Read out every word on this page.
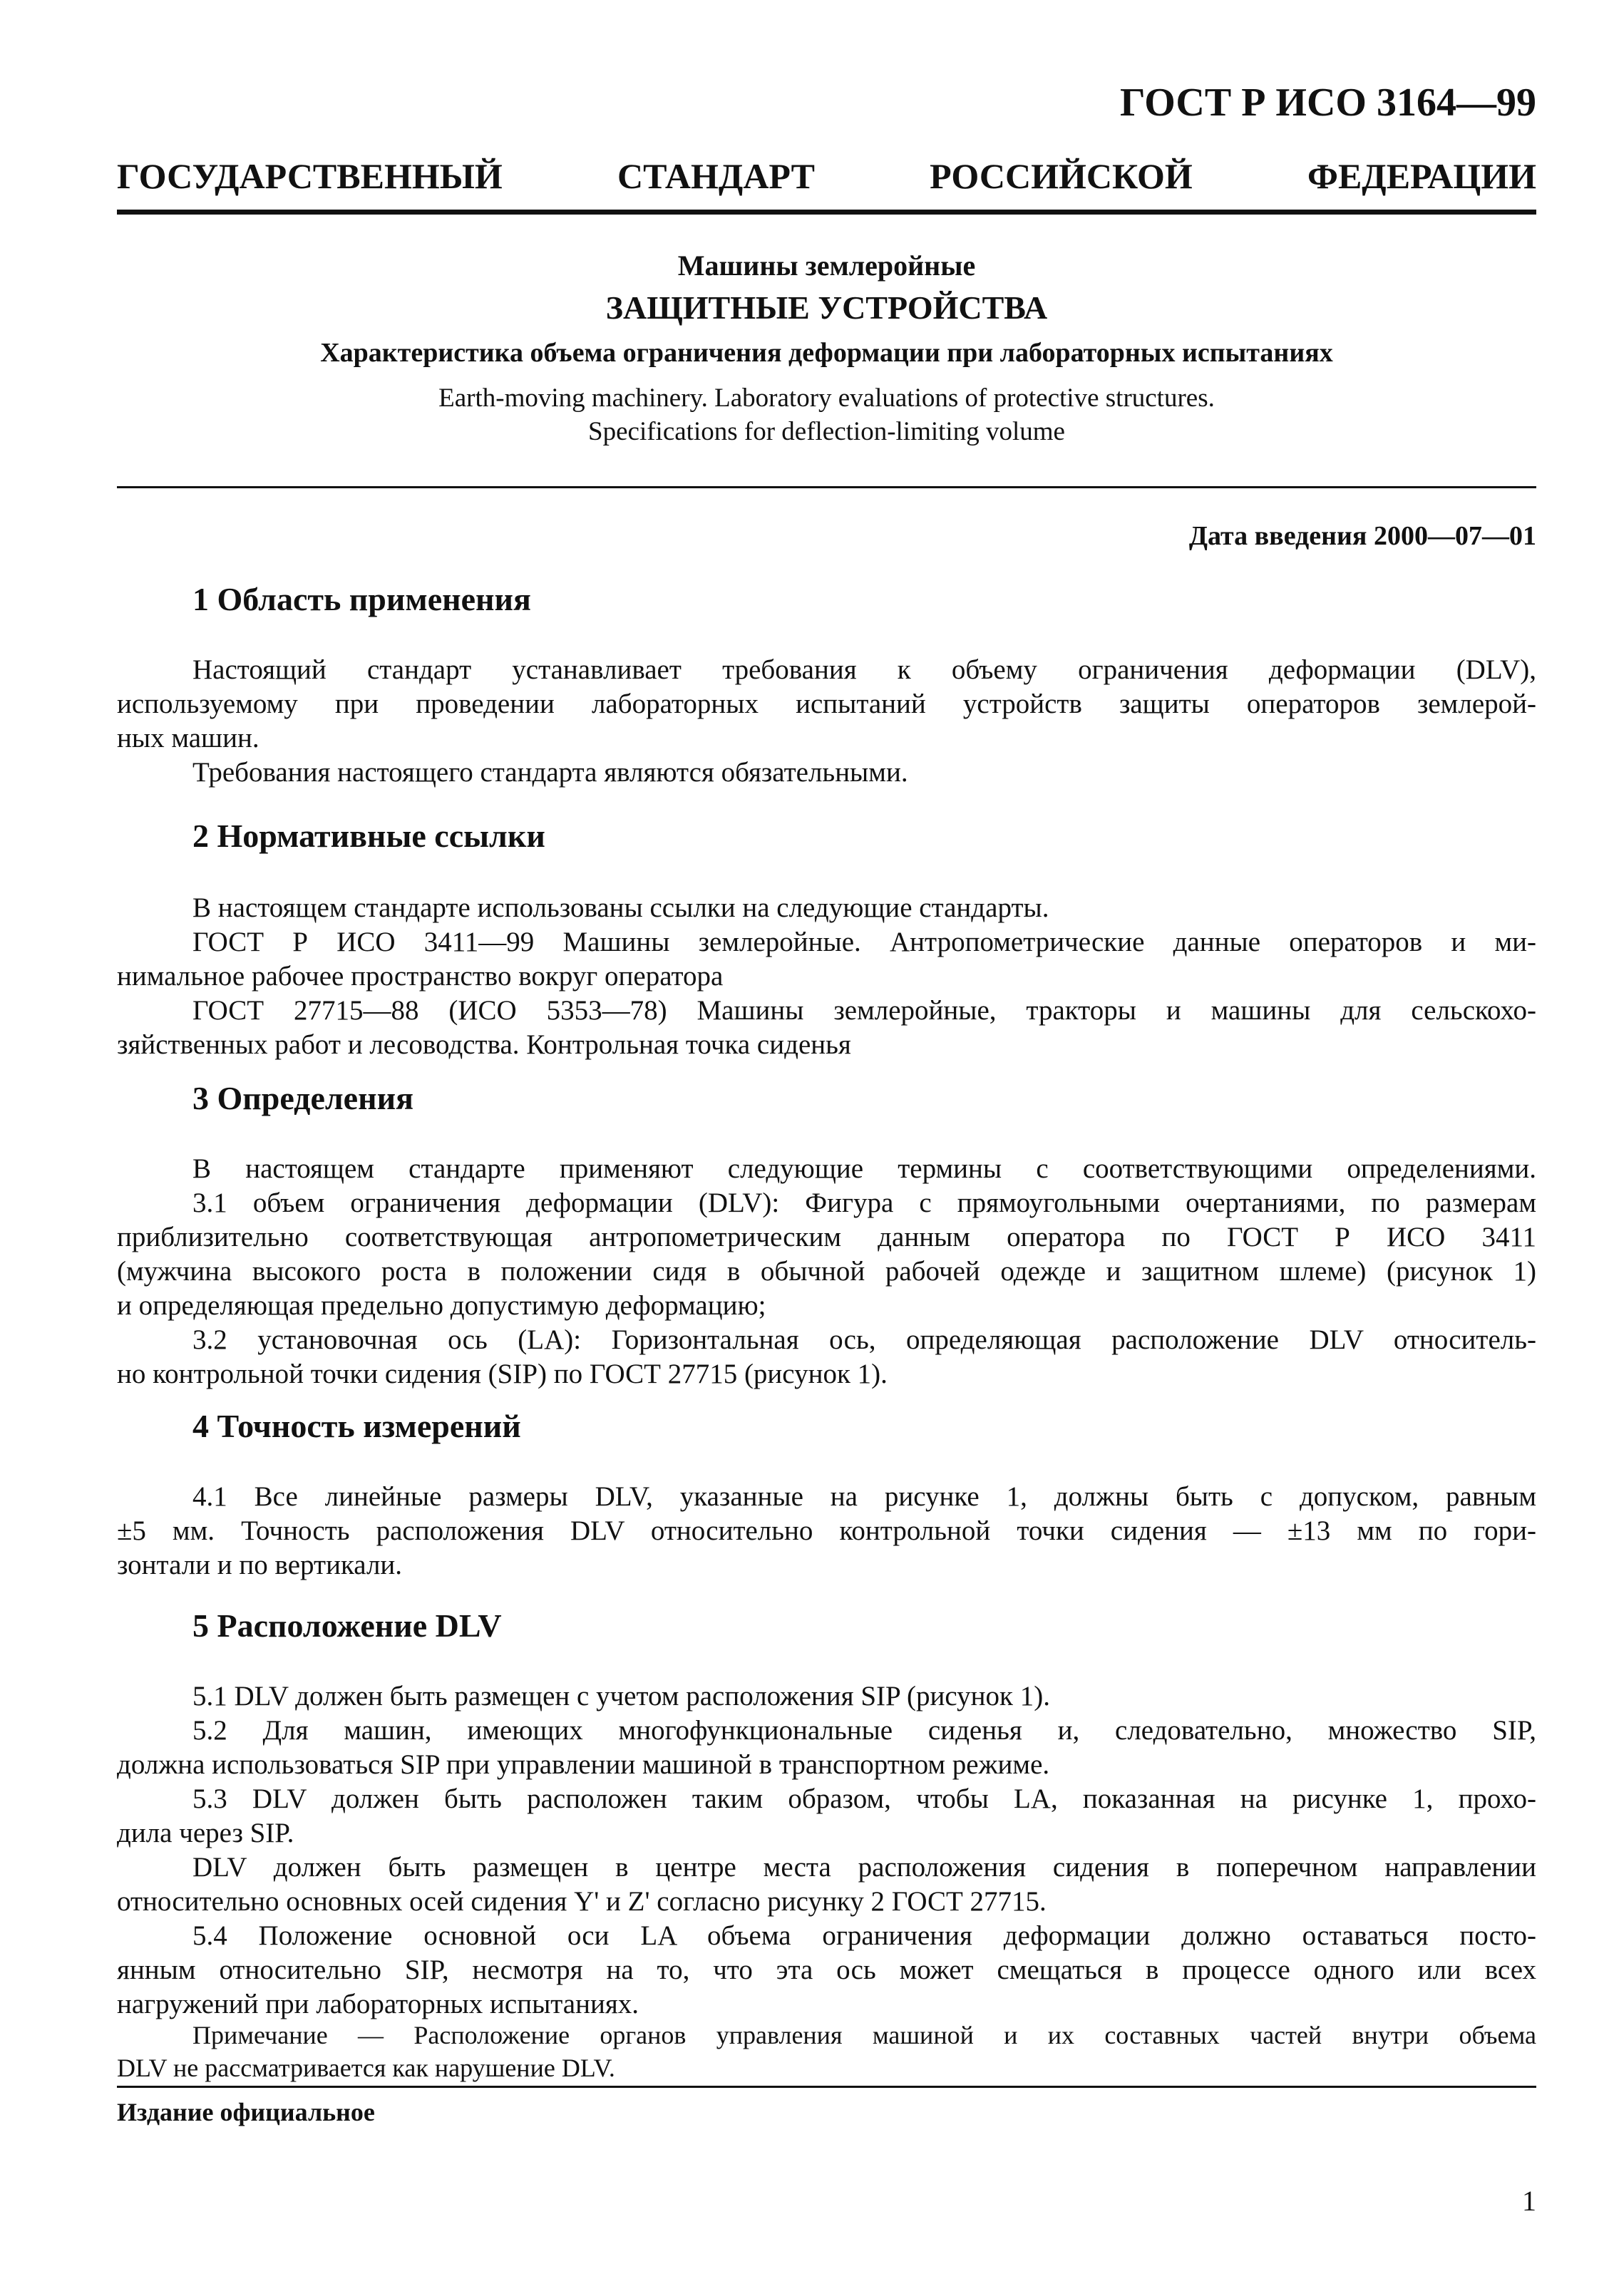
ГОСТ Р ИСО 3164—99
ГОСУДАРСТВЕННЫЙ СТАНДАРТ РОССИЙСКОЙ ФЕДЕРАЦИИ
Машины землеройные
ЗАЩИТНЫЕ УСТРОЙСТВА
Характеристика объема ограничения деформации при лабораторных испытаниях
Earth-moving machinery. Laboratory evaluations of protective structures.
Specifications for deflection-limiting volume
Дата введения 2000—07—01
1 Область применения
Настоящий стандарт устанавливает требования к объему ограничения деформации (DLV),
используемому при проведении лабораторных испытаний устройств защиты операторов землерой-
ных машин.
Требования настоящего стандарта являются обязательными.
2 Нормативные ссылки
В настоящем стандарте использованы ссылки на следующие стандарты.
ГОСТ Р ИСО 3411—99 Машины землеройные. Антропометрические данные операторов и ми-
нимальное рабочее пространство вокруг оператора
ГОСТ 27715—88 (ИСО 5353—78) Машины землеройные, тракторы и машины для сельскохо-
зяйственных работ и лесоводства. Контрольная точка сиденья
3 Определения
В настоящем стандарте применяют следующие термины с соответствующими определениями.
3.1 объем ограничения деформации (DLV): Фигура с прямоугольными очертаниями, по размерам
приблизительно соответствующая антропометрическим данным оператора по ГОСТ Р ИСО 3411
(мужчина высокого роста в положении сидя в обычной рабочей одежде и защитном шлеме) (рисунок 1)
и определяющая предельно допустимую деформацию;
3.2 установочная ось (LA): Горизонтальная ось, определяющая расположение DLV относитель-
но контрольной точки сидения (SIP) по ГОСТ 27715 (рисунок 1).
4 Точность измерений
4.1 Все линейные размеры DLV, указанные на рисунке 1, должны быть с допуском, равным
±5 мм. Точность расположения DLV относительно контрольной точки сидения — ±13 мм по гори-
зонтали и по вертикали.
5 Расположение DLV
5.1 DLV должен быть размещен с учетом расположения SIP (рисунок 1).
5.2 Для машин, имеющих многофункциональные сиденья и, следовательно, множество SIP,
должна использоваться SIP при управлении машиной в транспортном режиме.
5.3 DLV должен быть расположен таким образом, чтобы LA, показанная на рисунке 1, прохо-
дила через SIP.
DLV должен быть размещен в центре места расположения сидения в поперечном направлении
относительно основных осей сидения Y' и Z' согласно рисунку 2 ГОСТ 27715.
5.4 Положение основной оси LA объема ограничения деформации должно оставаться посто-
янным относительно SIP, несмотря на то, что эта ось может смещаться в процессе одного или всех
нагружений при лабораторных испытаниях.
Примечание — Расположение органов управления машиной и их составных частей внутри объема
DLV не рассматривается как нарушение DLV.
Издание официальное
1
